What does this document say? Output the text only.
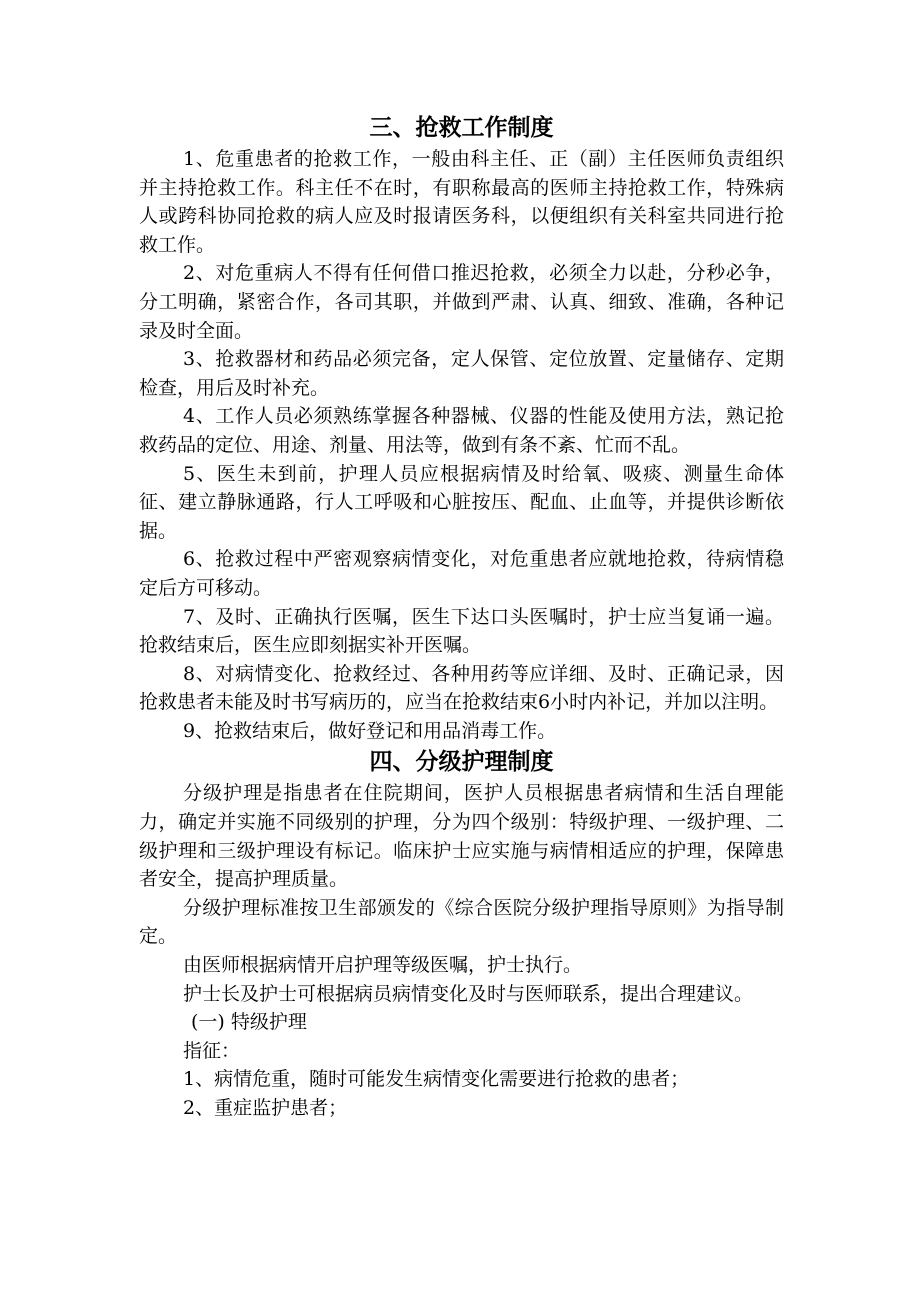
三、抢救工作制度

1、危重患者的抢救工作，一般由科主任、正（副）主任医师负责组织并主持抢救工作。科主任不在时，有职称最高的医师主持抢救工作，特殊病人或跨科协同抢救的病人应及时报请医务科，以便组织有关科室共同进行抢救工作。

2、对危重病人不得有任何借口推迟抢救，必须全力以赴，分秒必争，分工明确，紧密合作，各司其职，并做到严肃、认真、细致、准确，各种记录及时全面。

3、抢救器材和药品必须完备，定人保管、定位放置、定量储存、定期检查，用后及时补充。

4、工作人员必须熟练掌握各种器械、仪器的性能及使用方法，熟记抢救药品的定位、用途、剂量、用法等，做到有条不紊、忙而不乱。

5、医生未到前，护理人员应根据病情及时给氧、吸痰、测量生命体征、建立静脉通路，行人工呼吸和心脏按压、配血、止血等，并提供诊断依据。

6、抢救过程中严密观察病情变化，对危重患者应就地抢救，待病情稳定后方可移动。

7、及时、正确执行医嘱，医生下达口头医嘱时，护士应当复诵一遍。抢救结束后，医生应即刻据实补开医嘱。

8、对病情变化、抢救经过、各种用药等应详细、及时、正确记录，因抢救患者未能及时书写病历的，应当在抢救结束6小时内补记，并加以注明。

9、抢救结束后，做好登记和用品消毒工作。

四、分级护理制度

分级护理是指患者在住院期间，医护人员根据患者病情和生活自理能力，确定并实施不同级别的护理，分为四个级别：特级护理、一级护理、二级护理和三级护理设有标记。临床护士应实施与病情相适应的护理，保障患者安全，提高护理质量。

分级护理标准按卫生部颁发的《综合医院分级护理指导原则》为指导制定。

由医师根据病情开启护理等级医嘱，护士执行。

护士长及护士可根据病员病情变化及时与医师联系，提出合理建议。

(一) 特级护理

指征：

1、病情危重，随时可能发生病情变化需要进行抢救的患者；

2、重症监护患者；
